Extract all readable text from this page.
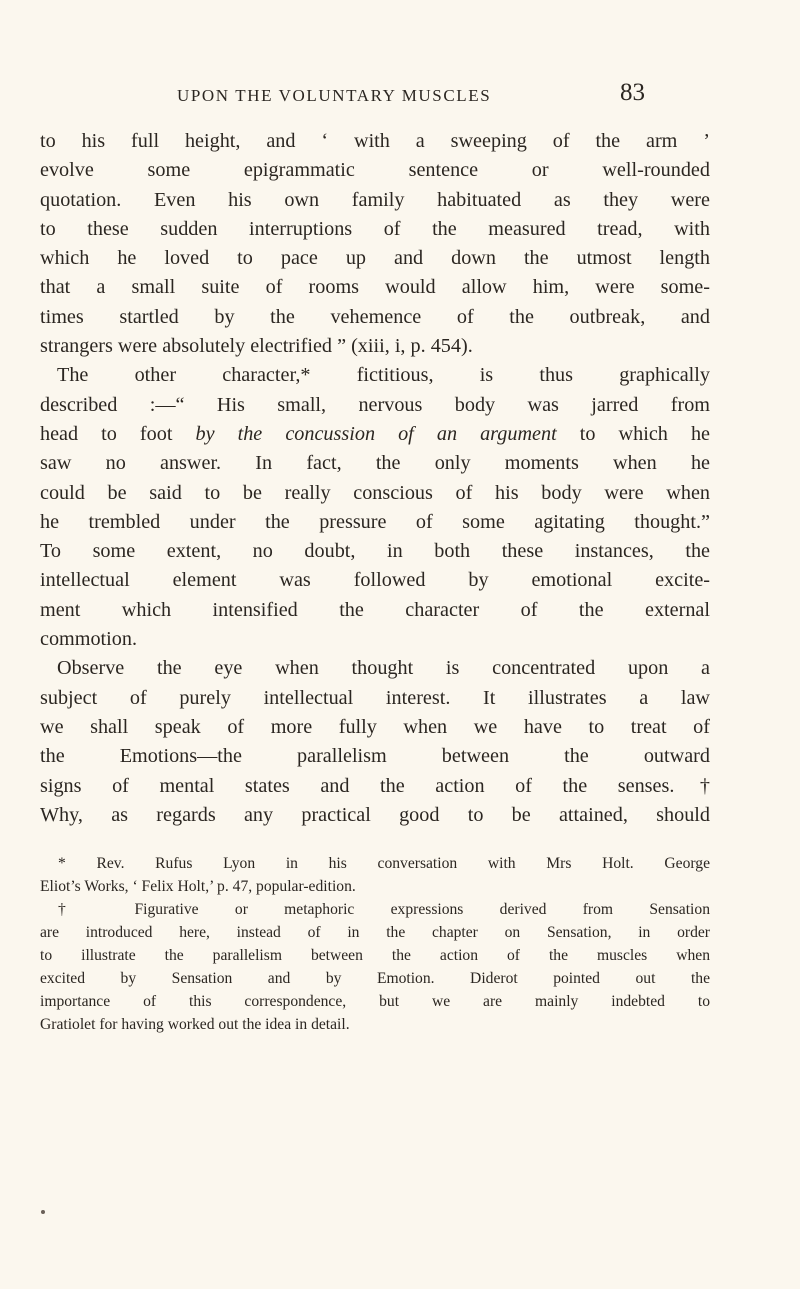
UPON THE VOLUNTARY MUSCLES	83
to his full height, and ‘ with a sweeping of the arm ’
evolve some epigrammatic sentence or well-rounded
quotation. Even his own family habituated as they were
to these sudden interruptions of the measured tread, with
which he loved to pace up and down the utmost length
that a small suite of rooms would allow him, were some-
times startled by the vehemence of the outbreak, and
strangers were absolutely electrified ” (xiii, i, p. 454).
The other character,* fictitious, is thus graphically
described :—“ His small, nervous body was jarred from
head to foot by the concussion of an argument to which he
saw no answer. In fact, the only moments when he
could be said to be really conscious of his body were when
he trembled under the pressure of some agitating thought.”
To some extent, no doubt, in both these instances, the
intellectual element was followed by emotional excite-
ment which intensified the character of the external
commotion.
Observe the eye when thought is concentrated upon a
subject of purely intellectual interest. It illustrates a law
we shall speak of more fully when we have to treat of
the Emotions—the parallelism between the outward
signs of mental states and the action of the senses.†
Why, as regards any practical good to be attained, should
* Rev. Rufus Lyon in his conversation with Mrs Holt. George
Eliot’s Works, ‘ Felix Holt,’ p. 47, popular-edition.
† Figurative or metaphoric expressions derived from Sensation
are introduced here, instead of in the chapter on Sensation, in order
to illustrate the parallelism between the action of the muscles when
excited by Sensation and by Emotion. Diderot pointed out the
importance of this correspondence, but we are mainly indebted to
Gratiolet for having worked out the idea in detail.
